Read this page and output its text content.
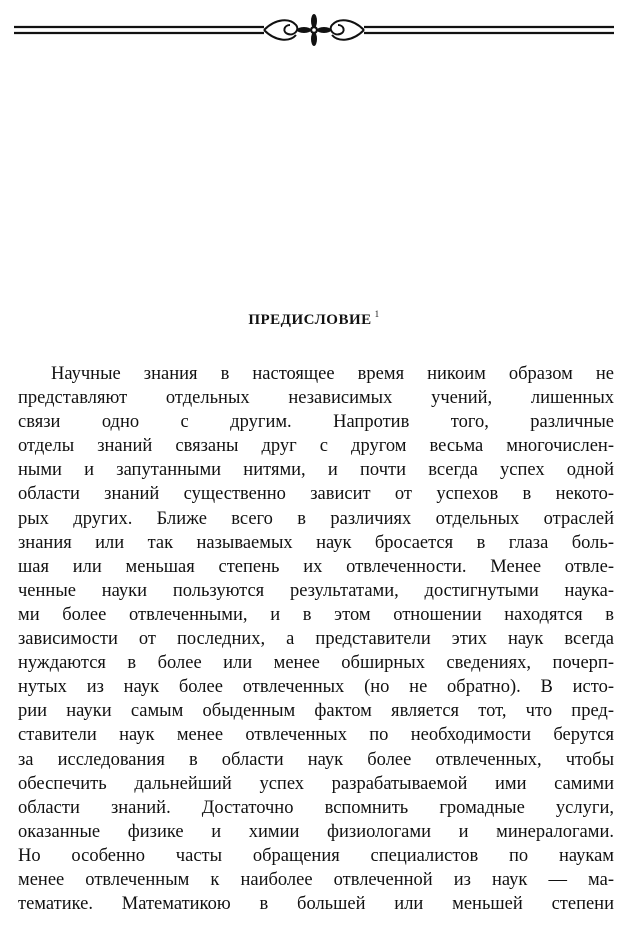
ПРЕДИСЛОВИЕ $^1$
Научные знания в настоящее время никоим образом не
представляют отдельных независимых учений, лишенных
связи одно с другим. Напротив того, различные
отделы знаний связаны друг с другом весьма многочислен-
ными и запутанными нитями, и почти всегда успех одной
области знаний существенно зависит от успехов в некото-
рых других. Ближе всего в различиях отдельных отраслей
знания или так называемых наук бросается в глаза боль-
шая или меньшая степень их отвлеченности. Менее отвле-
ченные науки пользуются результатами, достигнутыми наука-
ми более отвлеченными, и в этом отношении находятся в
зависимости от последних, а представители этих наук всегда
нуждаются в более или менее обширных сведениях, почерп-
нутых из наук более отвлеченных (но не обратно). В исто-
рии науки самым обыденным фактом является тот, что пред-
ставители наук менее отвлеченных по необходимости берутся
за исследования в области наук более отвлеченных, чтобы
обеспечить дальнейший успех разрабатываемой ими самими
области знаний. Достаточно вспомнить громадные услуги,
оказанные физике и химии физиологами и минералогами.
Но особенно часты обращения специалистов по наукам
менее отвлеченным к наиболее отвлеченной из наук — ма-
тематике. Математикою в большей или меньшей степени
